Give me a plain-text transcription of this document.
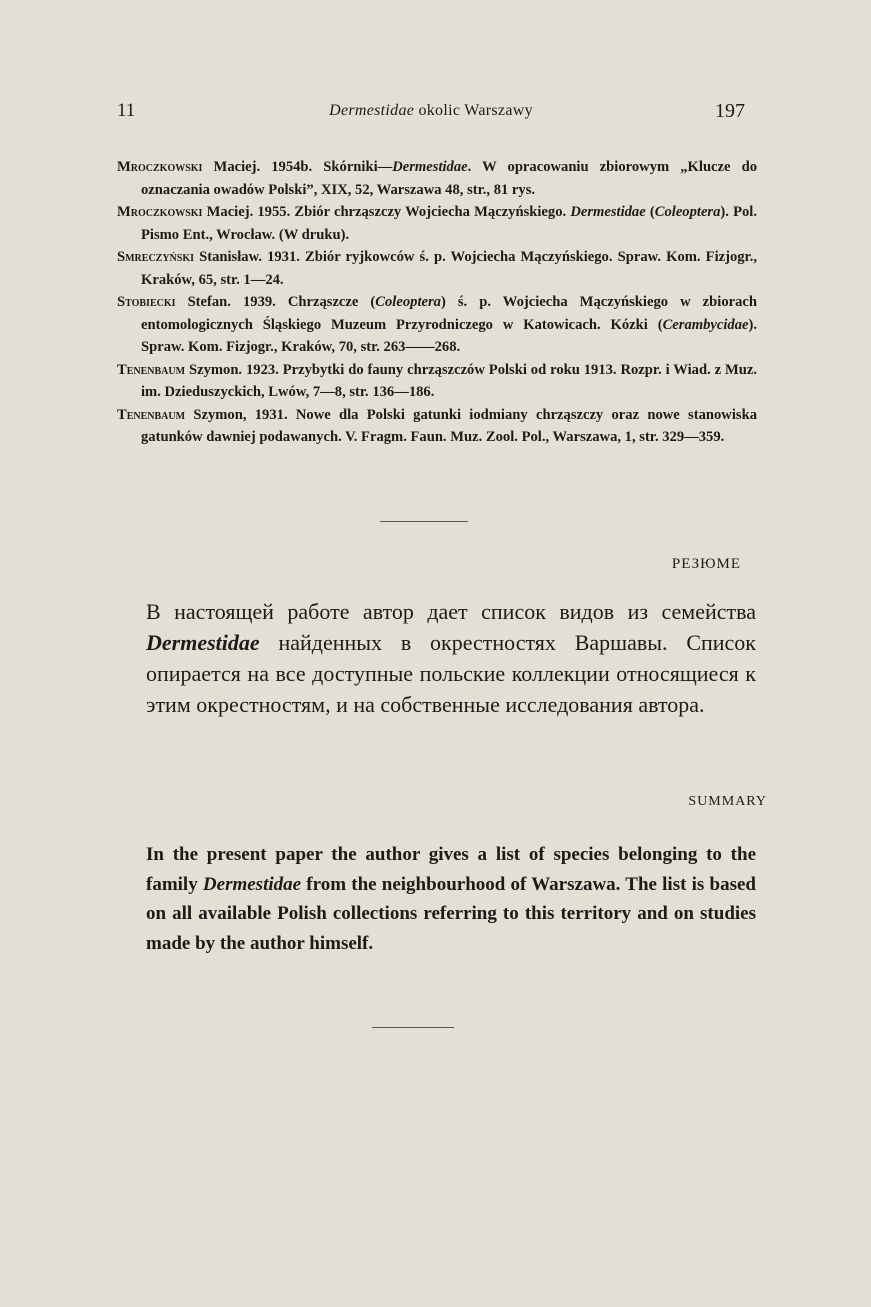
11	Dermestidae okolic Warszawy	197

Mroczkowski Maciej. 1954b. Skórniki—Dermestidae. W opracowaniu zbiorowym „Klucze do oznaczania owadów Polski”, XIX, 52, Warszawa 48, str., 81 rys.

Mroczkowski Maciej. 1955. Zbiór chrząszczy Wojciecha Mączyńskiego. Dermestidae (Coleoptera). Pol. Pismo Ent., Wrocław. (W druku).

Smreczyński Stanisław. 1931. Zbiór ryjkowców ś. p. Wojciecha Mączyńskiego. Spraw. Kom. Fizjogr., Kraków, 65, str. 1—24.

Stobiecki Stefan. 1939. Chrząszcze (Coleoptera) ś. p. Wojciecha Mączyńskiego w zbiorach entomologicznych Śląskiego Muzeum Przyrodniczego w Katowicach. Kózki (Cerambycidae). Spraw. Kom. Fizjogr., Kraków, 70, str. 263——268.

Tenenbaum Szymon. 1923. Przybytki do fauny chrząszczów Polski od roku 1913. Rozpr. i Wiad. z Muz. im. Dzieduszyckich, Lwów, 7—8, str. 136—186.

Tenenbaum Szymon, 1931. Nowe dla Polski gatunki iodmiany chrząszczy oraz nowe stanowiska gatunków dawniej podawanych. V. Fragm. Faun. Muz. Zool. Pol., Warszawa, 1, str. 329—359.

РЕЗЮМЕ

В настоящей работе автор дает список видов из семейства Dermestidae найденных в окрестностях Варшавы. Список опирается на все доступные польские коллекции относящиеся к этим окрестностям, и на собственные исследования автора.

SUMMARY

In the present paper the author gives a list of species belonging to the family Dermestidae from the neighbourhood of Warszawa. The list is based on all available Polish collections referring to this territory and on studies made by the author himself.
